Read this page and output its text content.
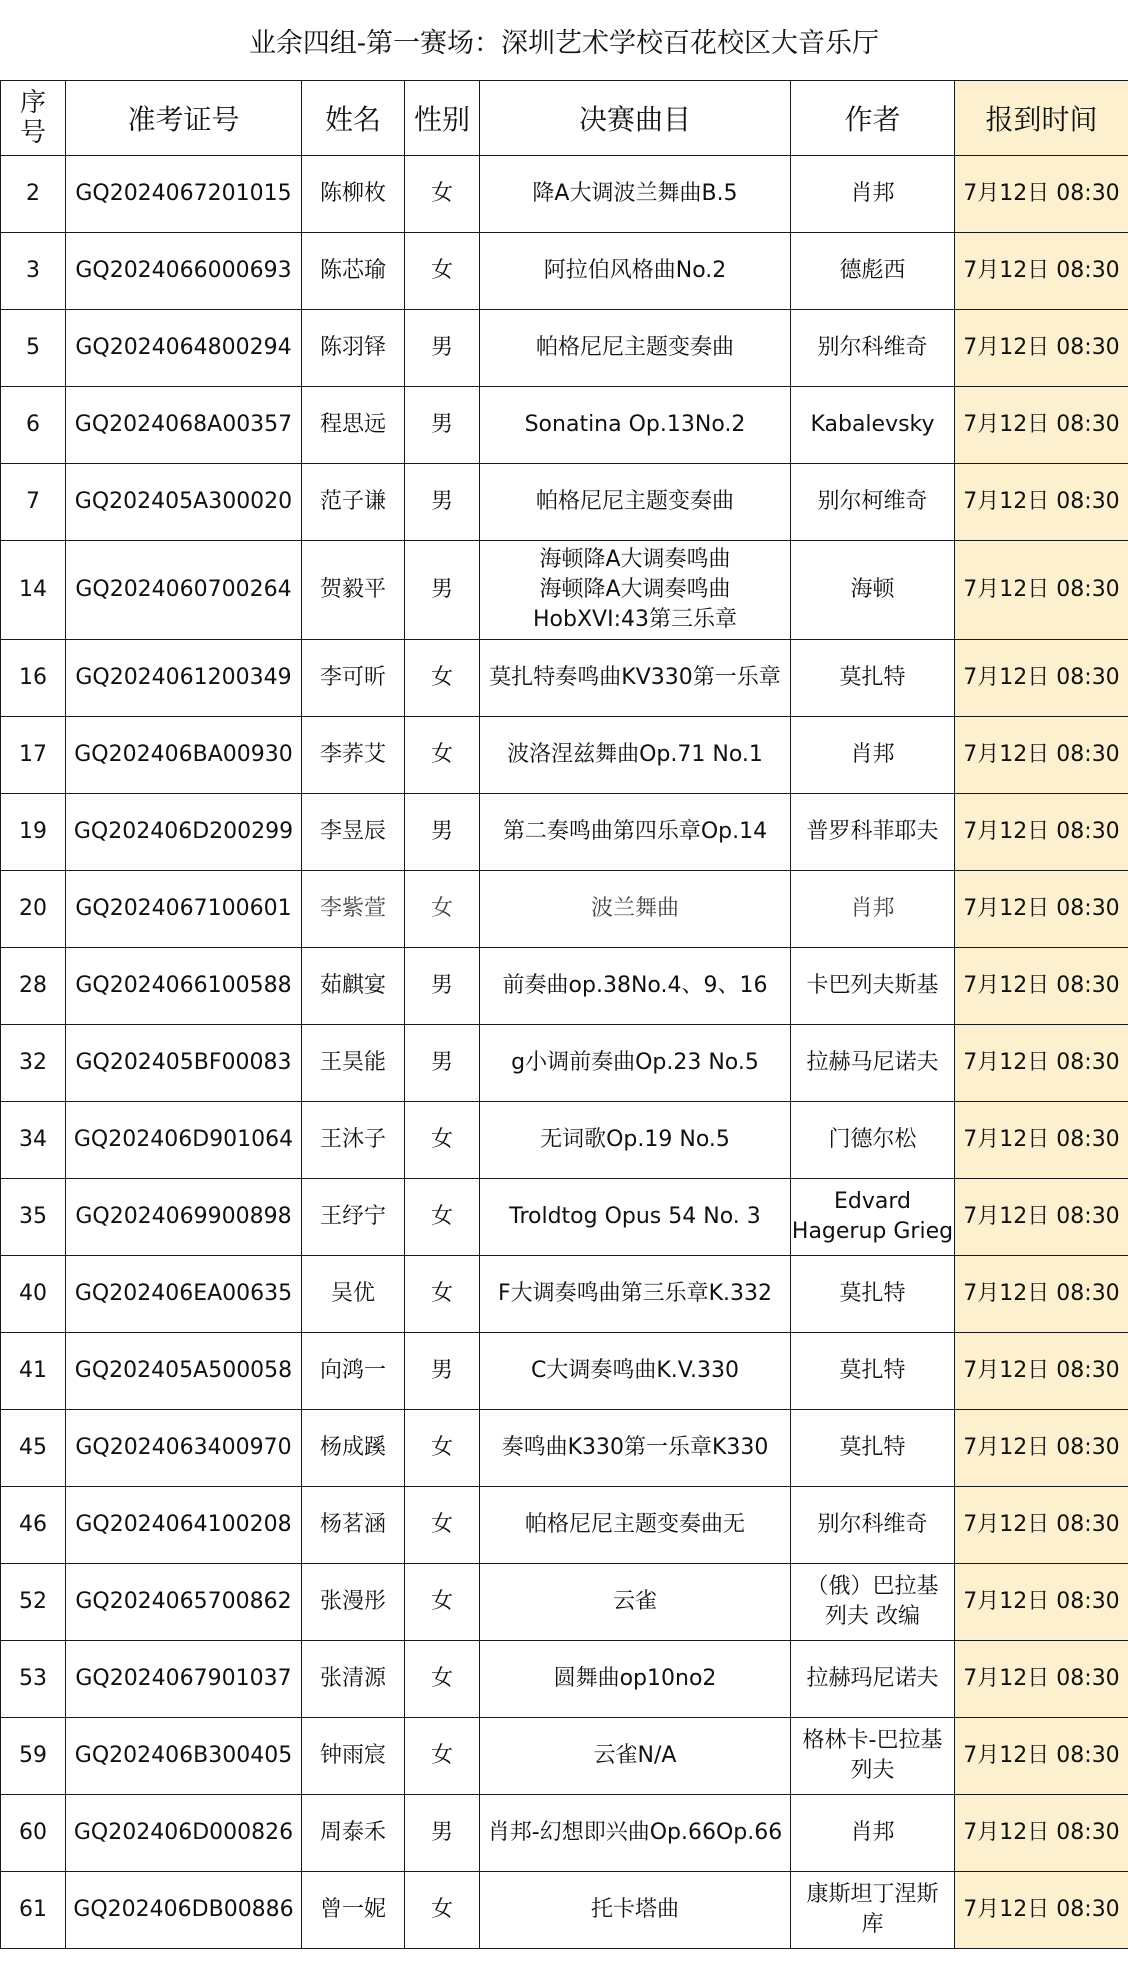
业余四组-第一赛场：深圳艺术学校百花校区大音乐厅
序
号	准考证号	姓名	性别	决赛曲目	作者	报到时间
2	GQ2024067201015	陈柳枚	女	降A大调波兰舞曲B.5	肖邦	7月12日 08:30
3	GQ2024066000693	陈芯瑜	女	阿拉伯风格曲No.2	德彪西	7月12日 08:30
5	GQ2024064800294	陈羽铎	男	帕格尼尼主题变奏曲	别尔科维奇	7月12日 08:30
6	GQ2024068A00357	程思远	男	Sonatina Op.13No.2	Kabalevsky	7月12日 08:30
7	GQ202405A300020	范子谦	男	帕格尼尼主题变奏曲	别尔柯维奇	7月12日 08:30
14	GQ2024060700264	贺毅平	男	海顿降A大调奏鸣曲
海顿降A大调奏鸣曲
HobXVI:43第三乐章	海顿	7月12日 08:30
16	GQ2024061200349	李可昕	女	莫扎特奏鸣曲KV330第一乐章	莫扎特	7月12日 08:30
17	GQ202406BA00930	李荞艾	女	波洛涅兹舞曲Op.71 No.1	肖邦	7月12日 08:30
19	GQ202406D200299	李昱辰	男	第二奏鸣曲第四乐章Op.14	普罗科菲耶夫	7月12日 08:30
20	GQ2024067100601	李紫萱	女	波兰舞曲	肖邦	7月12日 08:30
28	GQ2024066100588	茹麒宴	男	前奏曲op.38No.4、9、16	卡巴列夫斯基	7月12日 08:30
32	GQ202405BF00083	王昊能	男	g小调前奏曲Op.23 No.5	拉赫马尼诺夫	7月12日 08:30
34	GQ202406D901064	王沐子	女	无词歌Op.19 No.5	门德尔松	7月12日 08:30
35	GQ2024069900898	王纾宁	女	Troldtog Opus 54 No. 3	Edvard
Hagerup Grieg	7月12日 08:30
40	GQ202406EA00635	吴优	女	F大调奏鸣曲第三乐章K.332	莫扎特	7月12日 08:30
41	GQ202405A500058	向鸿一	男	C大调奏鸣曲K.V.330	莫扎特	7月12日 08:30
45	GQ2024063400970	杨成蹊	女	奏鸣曲K330第一乐章K330	莫扎特	7月12日 08:30
46	GQ2024064100208	杨茗涵	女	帕格尼尼主题变奏曲无	别尔科维奇	7月12日 08:30
52	GQ2024065700862	张漫彤	女	云雀	（俄）巴拉基
列夫 改编	7月12日 08:30
53	GQ2024067901037	张清源	女	圆舞曲op10no2	拉赫玛尼诺夫	7月12日 08:30
59	GQ202406B300405	钟雨宸	女	云雀N/A	格林卡-巴拉基
列夫	7月12日 08:30
60	GQ202406D000826	周泰禾	男	肖邦-幻想即兴曲Op.66Op.66	肖邦	7月12日 08:30
61	GQ202406DB00886	曾一妮	女	托卡塔曲	康斯坦丁涅斯
库	7月12日 08:30
